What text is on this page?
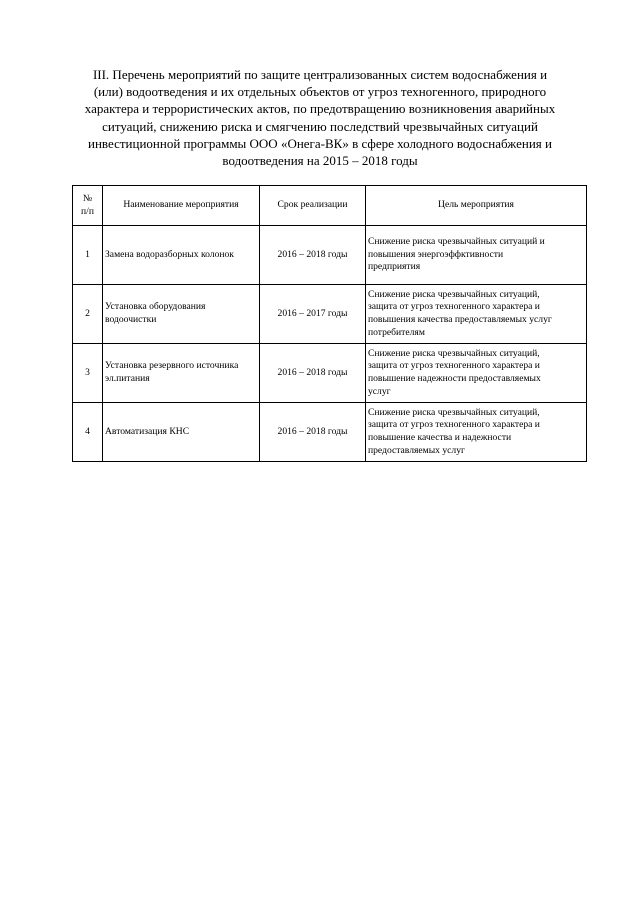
III. Перечень мероприятий по защите централизованных систем водоснабжения и
(или) водоотведения и их отдельных объектов от угроз техногенного, природного
характера и террористических актов, по предотвращению возникновения аварийных
ситуаций, снижению риска и смягчению последствий чрезвычайных ситуаций
инвестиционной программы ООО «Онега-ВК» в сфере холодного водоснабжения и
водоотведения на 2015 – 2018 годы
№
п/п	Наименование мероприятия	Срок реализации	Цель мероприятия
1	Замена водоразборных колонок	2016 – 2018 годы	Снижение риска чрезвычайных ситуаций и
повышения энергоэффктивности
предприятия

2	Установка оборудования
водоочистки	2016 – 2017 годы	Снижение риска чрезвычайных ситуаций,
защита от угроз техногенного характера и
повышения качества предоставляемых услуг
потребителям

3	Установка резервного источника
эл.питания	2016 – 2018 годы	Снижение риска чрезвычайных ситуаций,
защита от угроз техногенного характера и
повышение надежности предоставляемых
услуг

4	Автоматизация КНС	2016 – 2018 годы	Снижение риска чрезвычайных ситуаций,
защита от угроз техногенного характера и
повышение качества и надежности
предоставляемых услуг
